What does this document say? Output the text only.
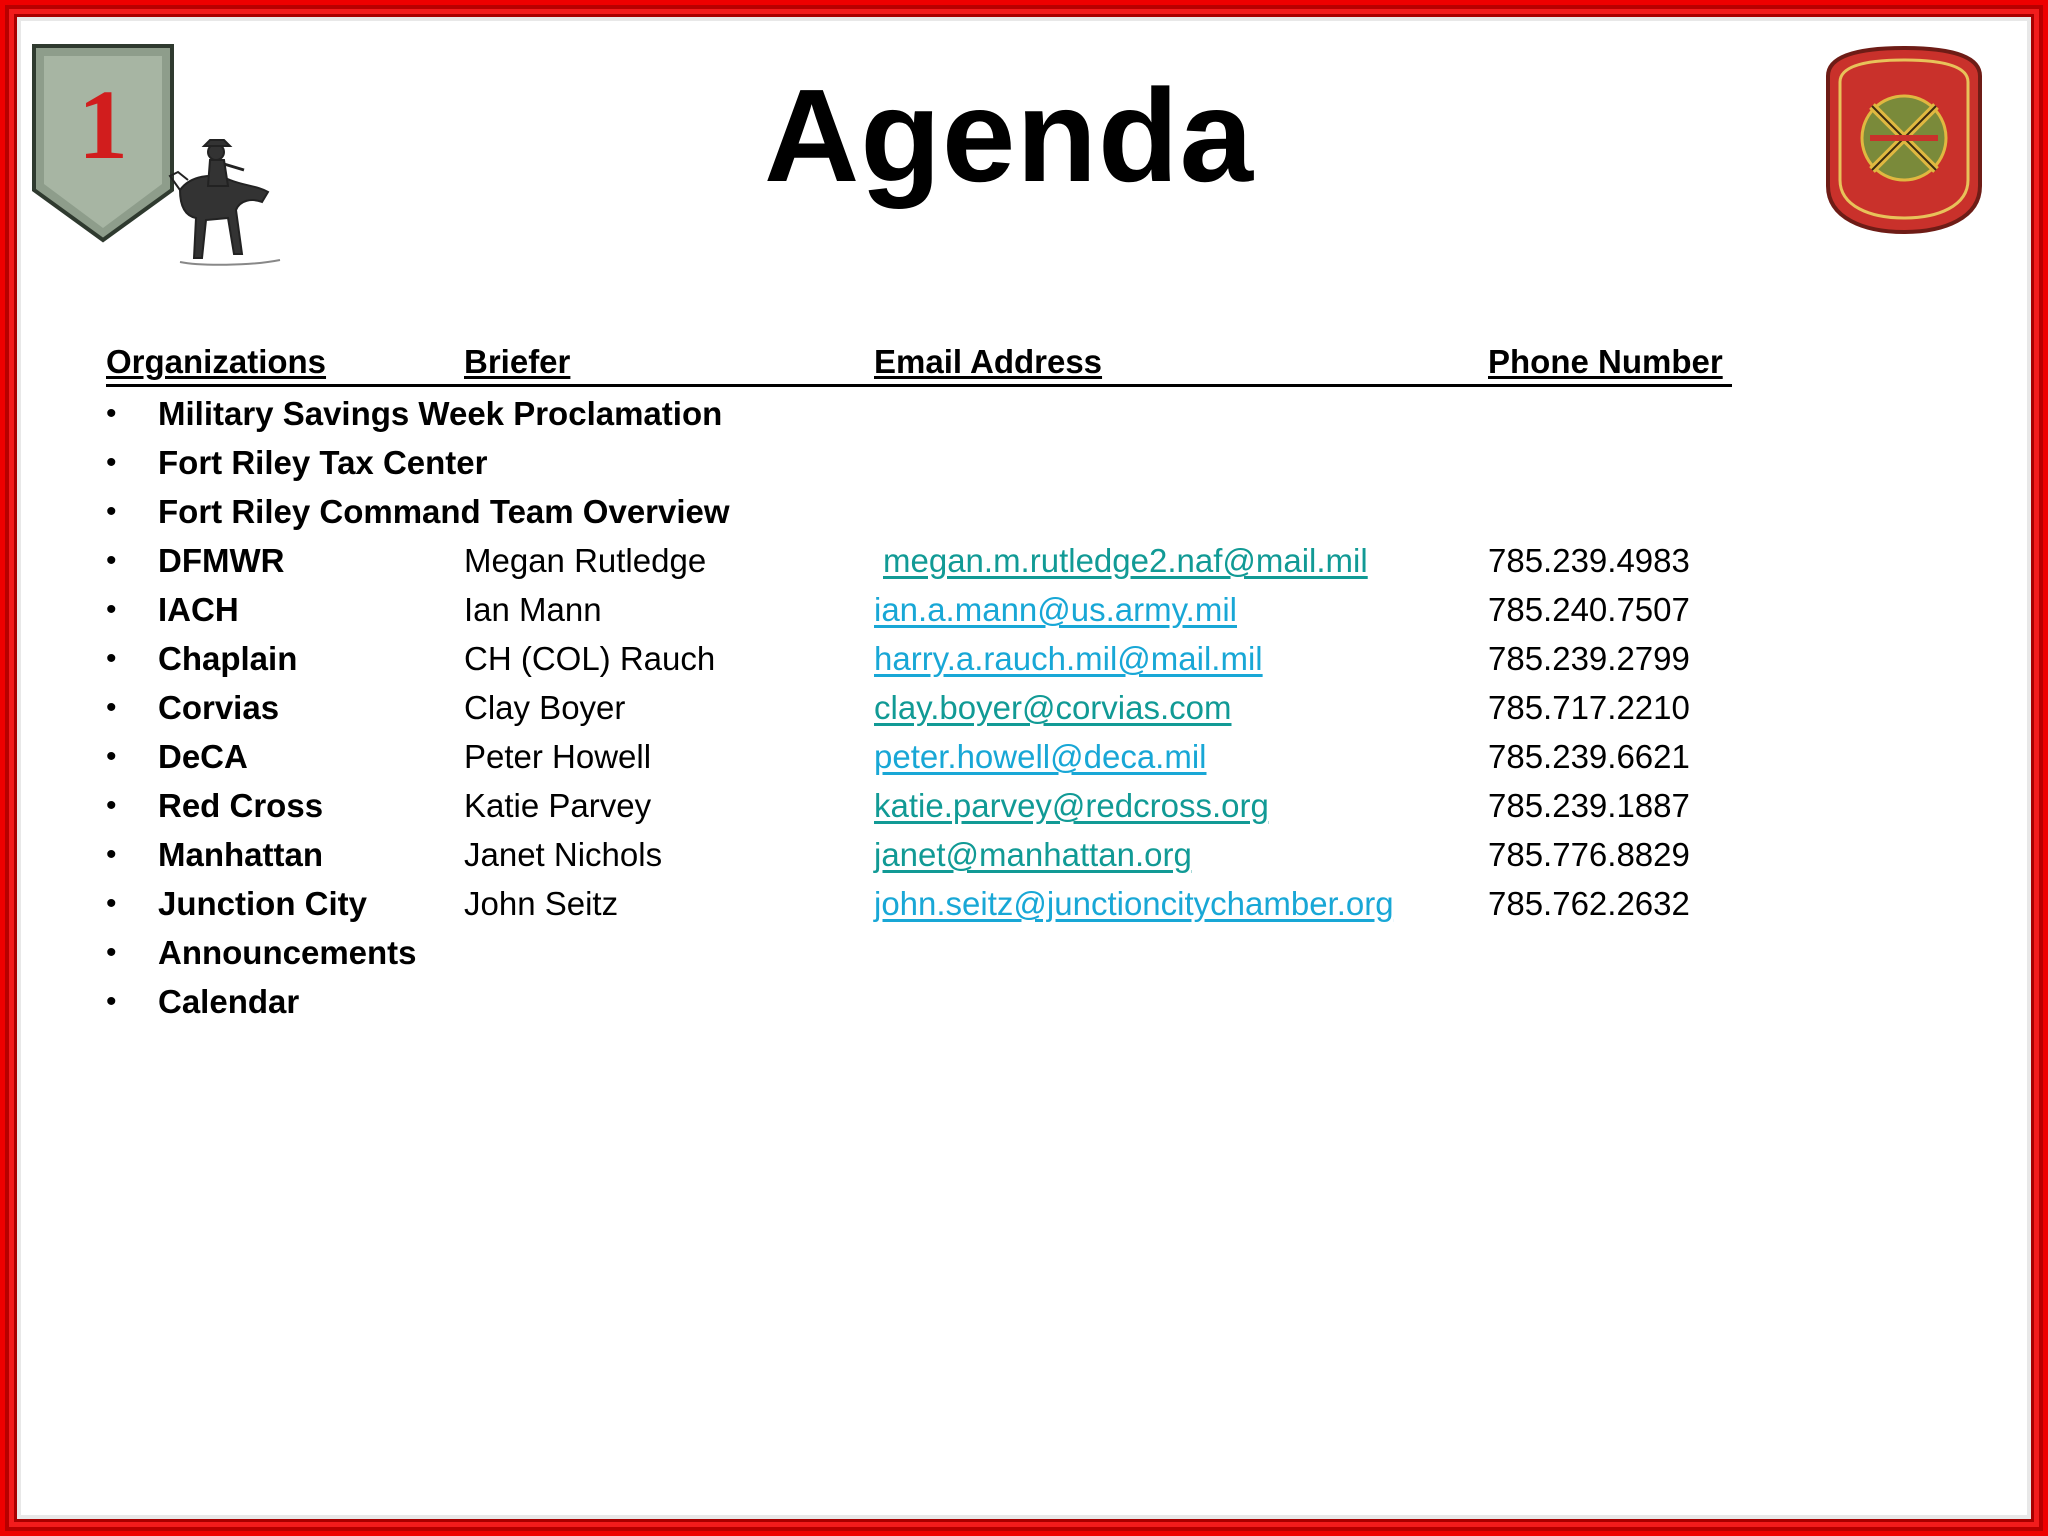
1	Agenda
Organizations	Briefer	Email Address	Phone Number
• Military Savings Week Proclamation
• Fort Riley Tax Center
• Fort Riley Command Team Overview
• DFMWR	Megan Rutledge	megan.m.rutledge2.naf@mail.mil	785.239.4983
• IACH	Ian Mann	ian.a.mann@us.army.mil	785.240.7507
• Chaplain	CH (COL) Rauch	harry.a.rauch.mil@mail.mil	785.239.2799
• Corvias	Clay Boyer	clay.boyer@corvias.com	785.717.2210
• DeCA	Peter Howell	peter.howell@deca.mil	785.239.6621
• Red Cross	Katie Parvey	katie.parvey@redcross.org	785.239.1887
• Manhattan	Janet Nichols	janet@manhattan.org	785.776.8829
• Junction City	John Seitz	john.seitz@junctioncitychamber.org	785.762.2632
• Announcements
• Calendar
